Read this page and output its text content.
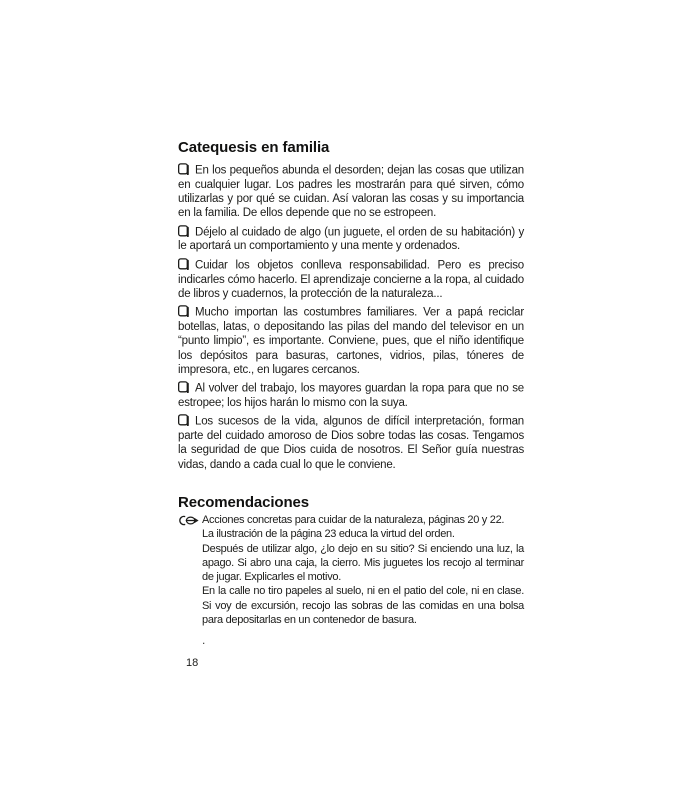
Catequesis en familia

En los pequeños abunda el desorden; dejan las cosas que utilizan en cualquier lugar. Los padres les mostrarán para qué sirven, cómo utilizarlas y por qué se cuidan. Así valoran las cosas y su importancia en la familia. De ellos depende que no se estropeen.

Déjelo al cuidado de algo (un juguete, el orden de su habitación) y le aportará un comportamiento y una mente y ordenados.

Cuidar los objetos conlleva responsabilidad. Pero es preciso indicarles cómo hacerlo. El aprendizaje concierne a la ropa, al cuidado de libros y cuadernos, la protección de la naturaleza...

Mucho importan las costumbres familiares. Ver a papá reciclar botellas, latas, o depositando las pilas del mando del televisor en un “punto limpio”, es importante. Conviene, pues, que el niño identifique los depósitos para basuras, cartones, vidrios, pilas, tóneres de impresora, etc., en lugares cercanos.

Al volver del trabajo, los mayores guardan la ropa para que no se estropee; los hijos harán lo mismo con la suya.

Los sucesos de la vida, algunos de difícil interpretación, forman parte del cuidado amoroso de Dios sobre todas las cosas. Tengamos la seguridad de que Dios cuida de nosotros. El Señor guía nuestras vidas, dando a cada cual lo que le conviene.

Recomendaciones

Acciones concretas para cuidar de la naturaleza, páginas 20 y 22.

La ilustración de la página 23 educa la virtud del orden.

Después de utilizar algo, ¿lo dejo en su sitio? Si enciendo una luz, la apago. Si abro una caja, la cierro. Mis juguetes los recojo al terminar de jugar. Explicarles el motivo.

En la calle no tiro papeles al suelo, ni en el patio del cole, ni en clase. Si voy de excursión, recojo las sobras de las comidas en una bolsa para depositarlas en un contenedor de basura.

.
18
